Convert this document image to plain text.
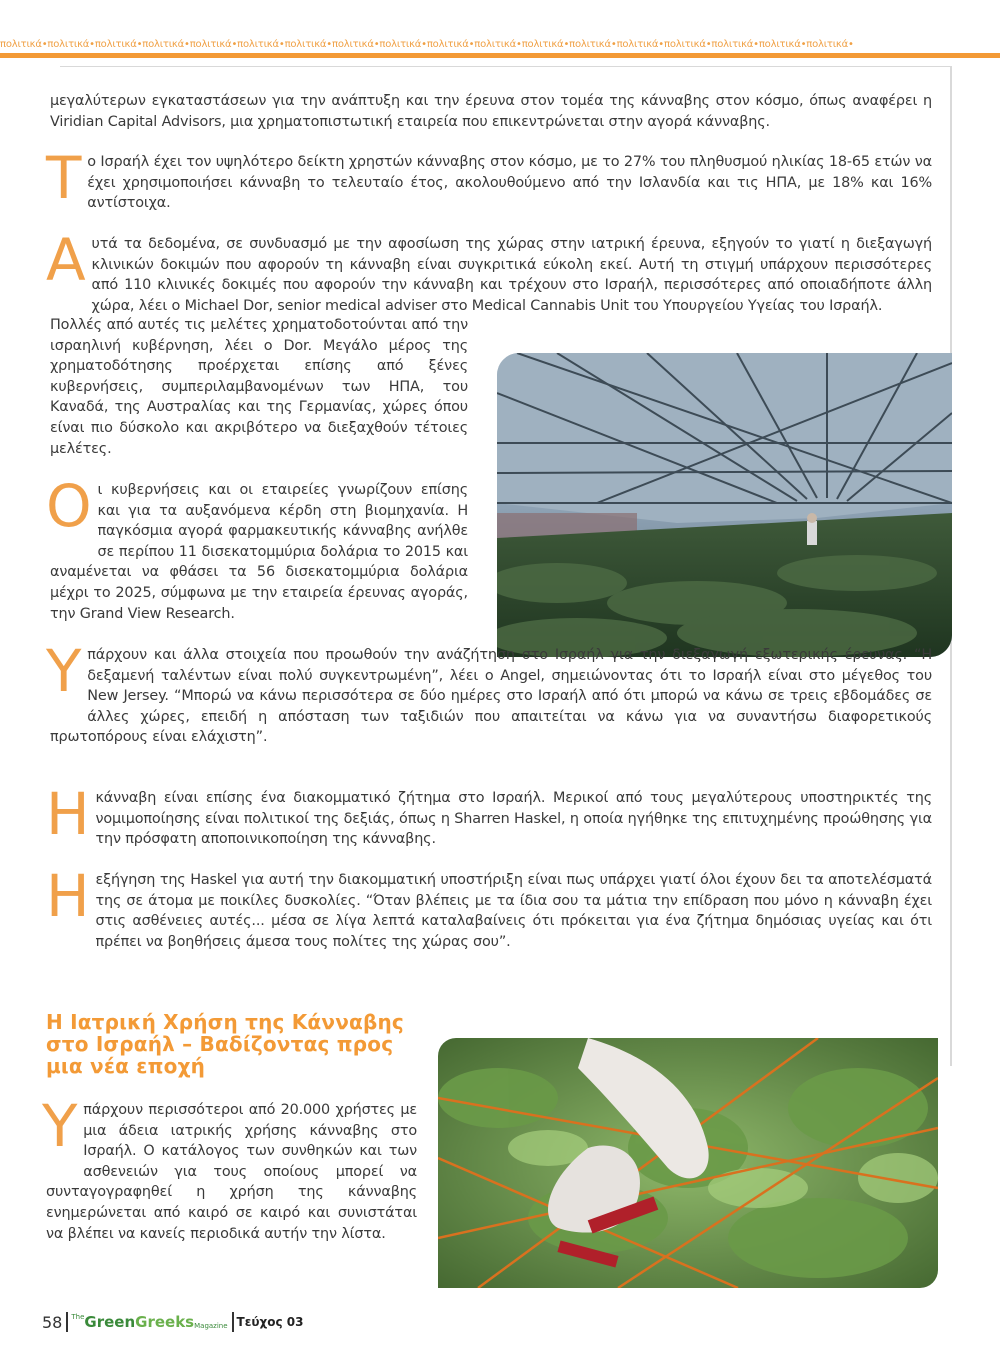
πολιτικά•πολιτικά•πολιτικά•πολιτικά•πολιτικά•πολιτικά•πολιτικά•πολιτικά•πολιτικά•πολιτικά•πολιτικά•πολιτικά•πολιτικά•πολιτικά•πολιτικά•πολιτικά•πολιτικά•πολιτικά•
μεγαλύτερων εγκαταστάσεων για την ανάπτυξη και την έρευνα στον τομέα της κάνναβης στον κόσμο, όπως αναφέρει η Viridian Capital Advisors, μια χρηματοπιστωτική εταιρεία που επικεντρώνεται στην αγορά κάνναβης.
Τ ο Ισραήλ έχει τον υψηλότερο δείκτη χρηστών κάνναβης στον κόσμο, με το 27% του πληθυσμού ηλικίας 18-65 ετών να έχει χρησιμοποιήσει κάνναβη το τελευταίο έτος, ακολουθούμενο από την Ισλανδία και τις ΗΠΑ, με 18% και 16% αντίστοιχα.
Α υτά τα δεδομένα, σε συνδυασμό με την αφοσίωση της χώρας στην ιατρική έρευνα, εξηγούν το γιατί η διεξαγωγή κλινικών δοκιμών που αφορούν τη κάνναβη είναι συγκριτικά εύκολη εκεί. Αυτή τη στιγμή υπάρχουν περισσότερες από 110 κλινικές δοκιμές που αφορούν την κάνναβη και τρέχουν στο Ισραήλ, περισσότερες από οποιαδήποτε άλλη χώρα, λέει ο Michael Dor, senior medical adviser στο Medical Cannabis Unit του Υπουργείου Υγείας του Ισραήλ.
Πολλές από αυτές τις μελέτες χρηματοδοτούνται από την ισραηλινή κυβέρνηση, λέει ο Dor. Μεγάλο μέρος της χρηματοδότησης προέρχεται επίσης από ξένες κυβερνήσεις, συμπεριλαμβανομένων των ΗΠΑ, του Καναδά, της Αυστραλίας και της Γερμανίας, χώρες όπου είναι πιο δύσκολο και ακριβότερο να διεξαχθούν τέτοιες μελέτες.
Ο ι κυβερνήσεις και οι εταιρείες γνωρίζουν επίσης και για τα αυξανόμενα κέρδη στη βιομηχανία. Η παγκόσμια αγορά φαρμακευτικής κάνναβης ανήλθε σε περίπου 11 δισεκατομμύρια δολάρια το 2015 και αναμένεται να φθάσει τα 56 δισεκατομμύρια δολάρια μέχρι το 2025, σύμφωνα με την εταιρεία έρευνας αγοράς, την Grand View Research.
Υ πάρχουν και άλλα στοιχεία που προωθούν την ανάζήτηση στο Ισραήλ για την διεξαγωγή εξωτερικής έρευνας. “Η δεξαμενή ταλέντων είναι πολύ συγκεντρωμένη”, λέει ο Angel, σημειώνοντας ότι το Ισραήλ είναι στο μέγεθος του New Jersey. “Μπορώ να κάνω περισσότερα σε δύο ημέρες στο Ισραήλ από ότι μπορώ να κάνω σε τρεις εβδομάδες σε άλλες χώρες, επειδή η απόσταση των ταξιδιών που απαιτείται να κάνω για να συναντήσω διαφορετικούς πρωτοπόρους είναι ελάχιστη”.
Η κάνναβη είναι επίσης ένα διακομματικό ζήτημα στο Ισραήλ. Μερικοί από τους μεγαλύτερους υποστηρικτές της νομιμοποίησης είναι πολιτικοί της δεξιάς, όπως η Sharren Haskel, η οποία ηγήθηκε της επιτυχημένης προώθησης για την πρόσφατη αποποινικοποίηση της κάνναβης.
Η εξήγηση της Haskel για αυτή την διακομματική υποστήριξη είναι πως υπάρχει γιατί όλοι έχουν δει τα αποτελέσματά της σε άτομα με ποικίλες δυσκολίες. “Όταν βλέπεις με τα ίδια σου τα μάτια την επίδραση που μόνο η κάνναβη έχει στις ασθένειες αυτές... μέσα σε λίγα λεπτά καταλαβαίνεις ότι πρόκειται για ένα ζήτημα δημόσιας υγείας και ότι πρέπει να βοηθήσεις άμεσα τους πολίτες της χώρας σου”.
Η Ιατρική Χρήση της Κάνναβης στο Ισραήλ – Βαδίζοντας προς μια νέα εποχή
Υ πάρχουν περισσότεροι από 20.000 χρήστες με μια άδεια ιατρικής χρήσης κάνναβης στο Ισραήλ. Ο κατάλογος των συνθηκών και των ασθενειών για τους οποίους μπορεί να συνταγογραφηθεί η χρήση της κάνναβης ενημερώνεται από καιρό σε καιρό και συνιστάται να βλέπει να κανείς περιοδικά αυτήν την λίστα.
58 The Green Greeks Magazine Τεύχος 03
